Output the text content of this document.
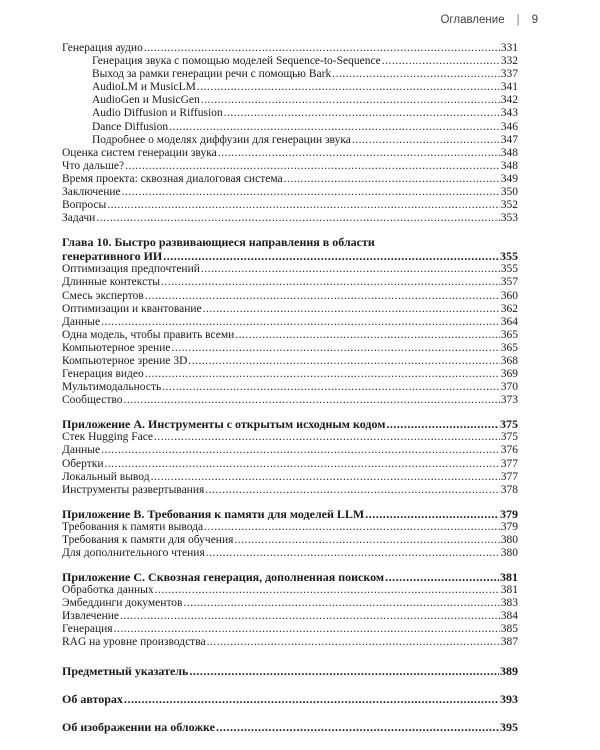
Оглавление | 9
Генерация аудио .....	331
Генерация звука с помощью моделей Sequence-to-Sequence .....	332
Выход за рамки генерации речи с помощью Bark .....	337
AudioLM и MusicLM .....	341
AudioGen и MusicGen .....	342
Audio Diffusion и Riffusion .....	343
Dance Diffusion .....	346
Подробнее о моделях диффузии для генерации звука .....	347
Оценка систем генерации звука .....	348
Что дальше? .....	348
Время проекта: сквозная диалоговая система .....	349
Заключение .....	350
Вопросы .....	352
Задачи .....	353
Глава 10. Быстро развивающиеся направления в области
генеративного ИИ .....	355
Оптимизация предпочтений .....	355
Длинные контексты .....	357
Смесь экспертов .....	360
Оптимизации и квантование .....	362
Данные .....	364
Одна модель, чтобы править всеми .....	365
Компьютерное зрение .....	365
Компьютерное зрение 3D .....	368
Генерация видео .....	369
Мультимодальность .....	370
Сообщество .....	373
Приложение А. Инструменты с открытым исходным кодом .....	375
Стек Hugging Face .....	375
Данные .....	376
Обертки .....	377
Локальный вывод .....	377
Инструменты развертывания .....	378
Приложение В. Требования к памяти для моделей LLM .....	379
Требования к памяти вывода .....	379
Требования к памяти для обучения .....	380
Для дополнительного чтения .....	380
Приложение С. Сквозная генерация, дополненная поиском .....	381
Обработка данных .....	381
Эмбеддинги документов .....	383
Извлечение .....	384
Генерация .....	385
RAG на уровне производства .....	387
Предметный указатель .....	389
Об авторах .....	393
Об изображении на обложке .....	395
